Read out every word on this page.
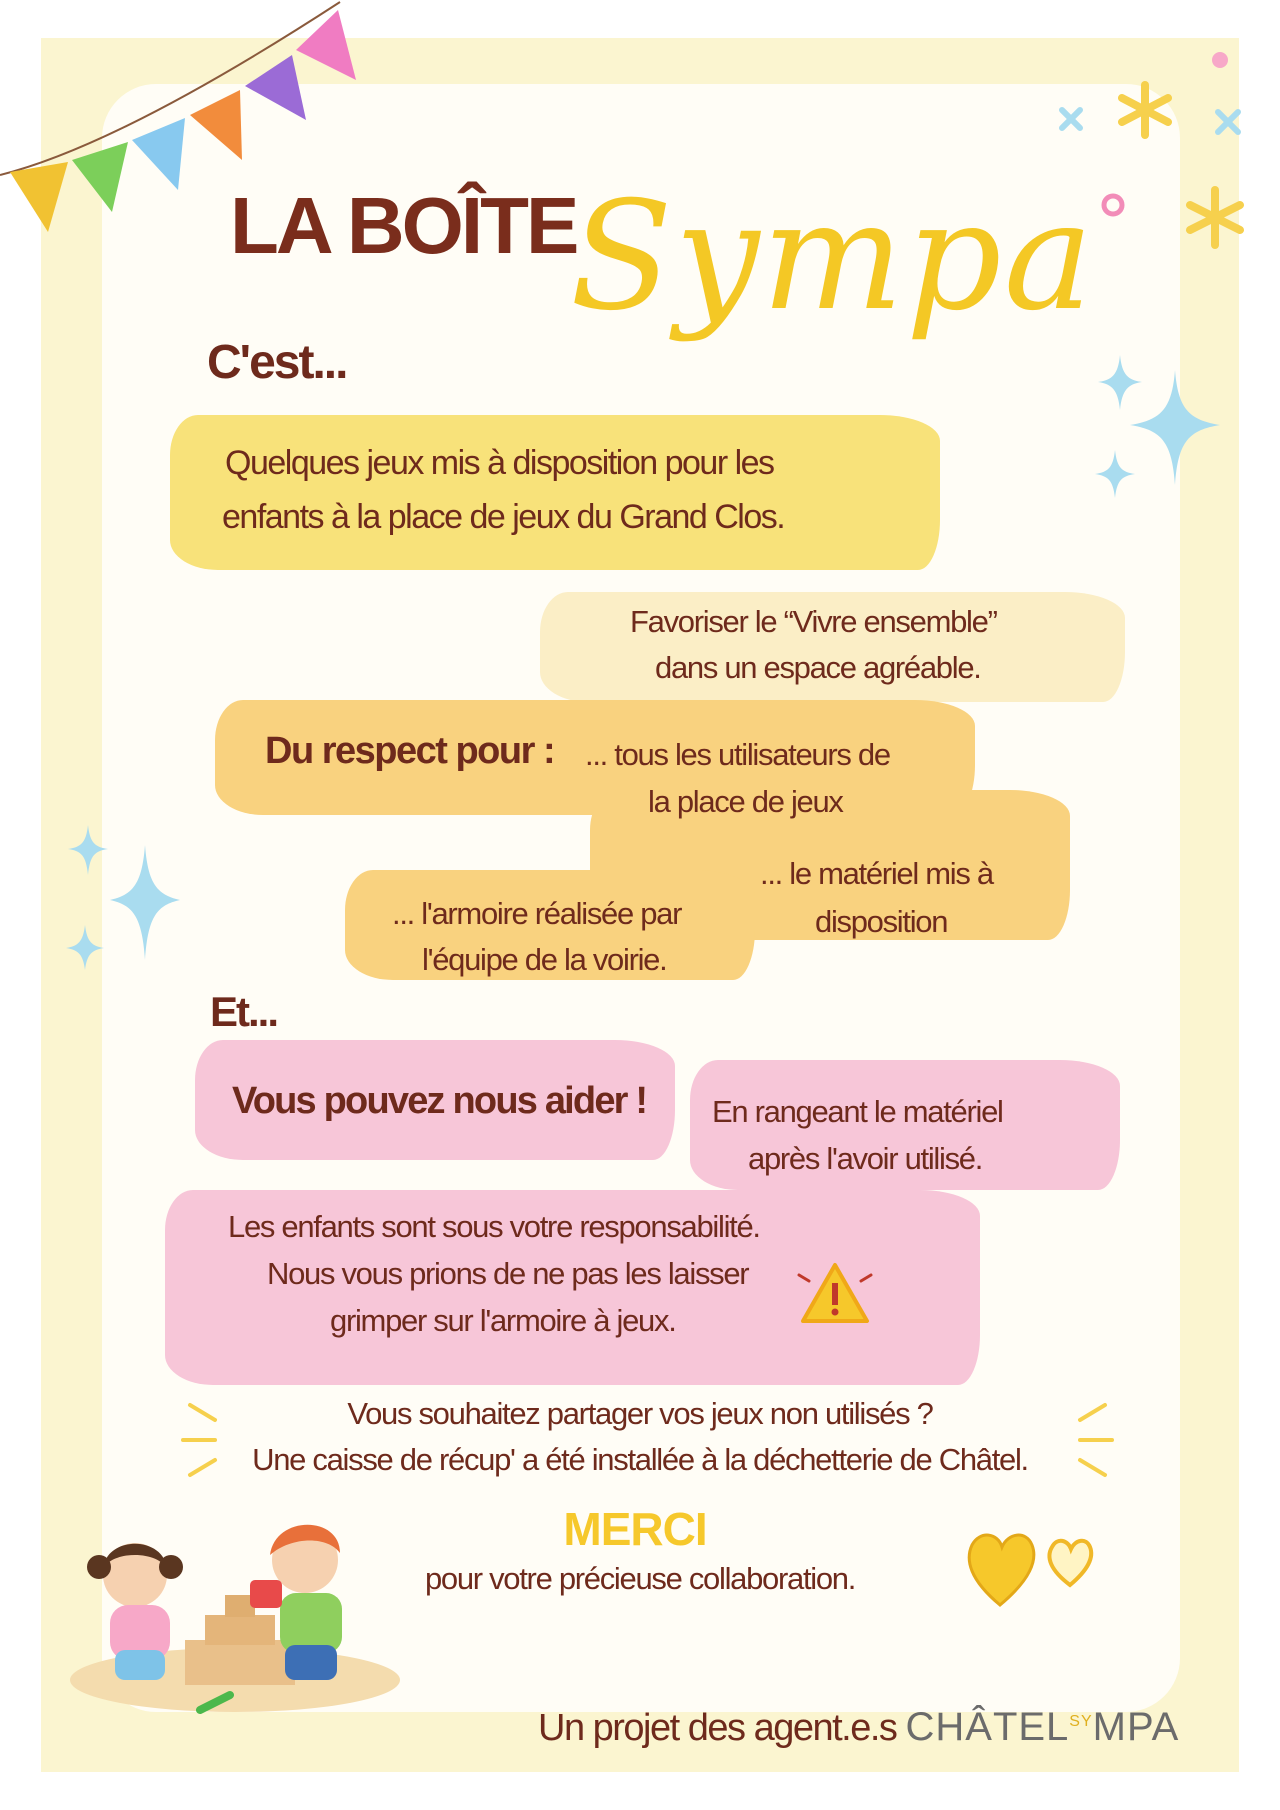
LA BOÎTE
Sympa
C'est...
Quelques jeux mis à disposition pour les
enfants à la place de jeux du Grand Clos.
Favoriser le “Vivre ensemble”
dans un espace agréable.
Du respect pour : ... tous les utilisateurs de
la place de jeux
... le matériel mis à
disposition
... l'armoire réalisée par
l'équipe de la voirie.
Et...
Vous pouvez nous aider ! En rangeant le matériel
après l'avoir utilisé.
Les enfants sont sous votre responsabilité.
Nous vous prions de ne pas les laisser
grimper sur l'armoire à jeux.
Vous souhaitez partager vos jeux non utilisés ?
Une caisse de récup' a été installée à la déchetterie de Châtel.
MERCI
pour votre précieuse collaboration.
Un projet des agent.e.s $CHÂTEL^{SY}MPA$
